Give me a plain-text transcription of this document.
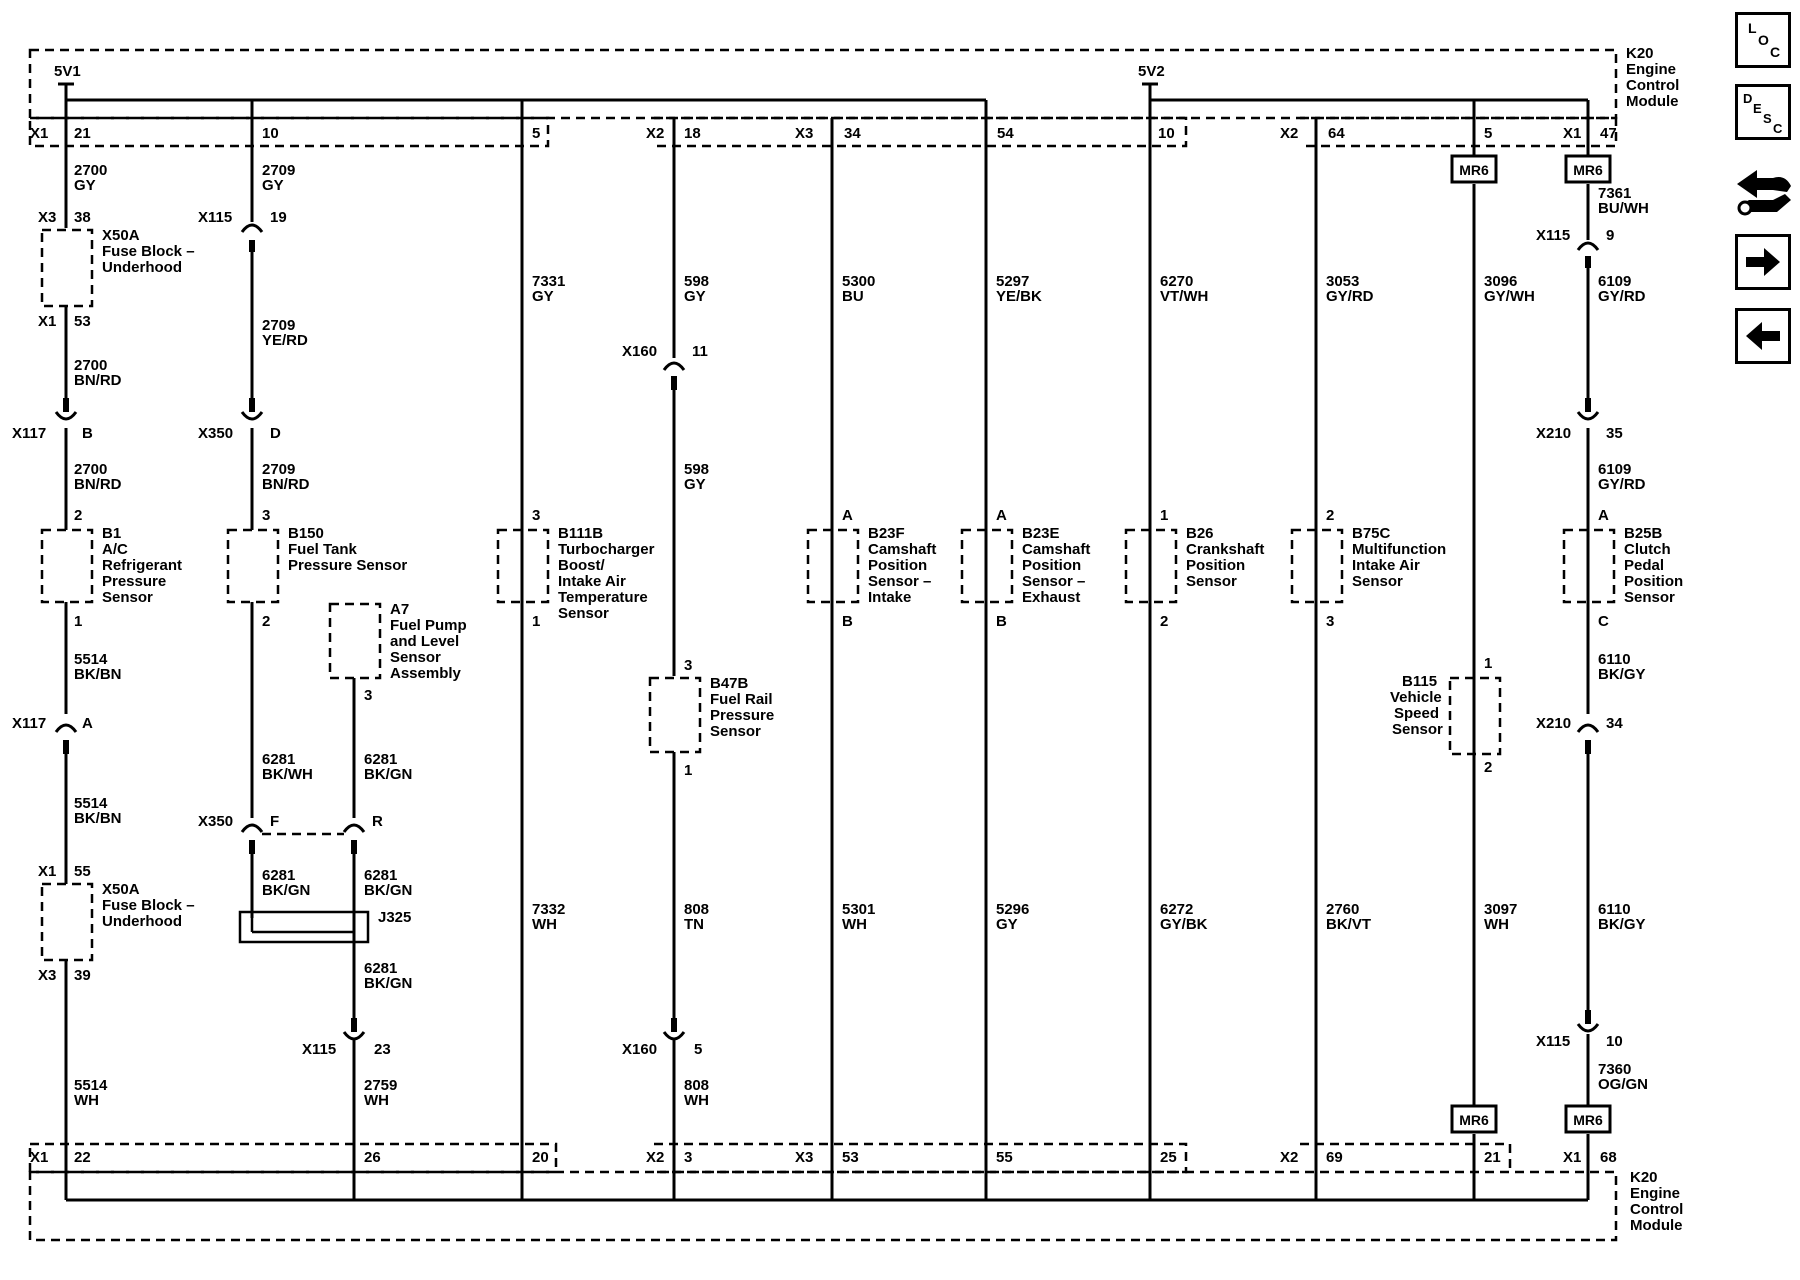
K20 Engine Control Module
K20 Engine Control Module
5V1	5V2
MR6	MR6
MR6	MR6
X1 21	10	5	X2 18	X3 34	54	10	X2 64	5	X1 47
2700
GY
X3 38
X50A
Fuse Block –
Underhood
X1 53
2700
BN/RD
X117 B
2700
BN/RD
2
B1
A/C
Refrigerant
Pressure
Sensor
1
5514
BK/BN
X117 A
5514
BK/BN
X1 55
X50A
Fuse Block –
Underhood
X3 39
5514
WH
2709
GY
X115	19
2709
YE/RD
X350 D
2709
BN/RD
3
B150
Fuel Tank
Pressure Sensor
2
6281
BK/WH
X350 F
6281
BK/GN
A7
Fuel Pump
and Level
Sensor
Assembly
3
6281
BK/GN
R
6281
BK/GN
J325
6281
BK/GN
X115	23
2759
WH
7331
GY
3
B111B
Turbocharger
Boost/
Intake Air
Temperature
Sensor
1
7332
WH
598
GY
X160 11
598
GY
3
B47B
Fuel Rail
Pressure
Sensor
1
808
TN
X160 5
808
WH
5300
BU
A
B23F
Camshaft
Position
Sensor –
Intake
B
5301
WH
5297
YE/BK
A
B23E
Camshaft
Position
Sensor –
Exhaust
B
5296
GY
6270
VT/WH
1
B26
Crankshaft
Position
Sensor
2
6272
GY/BK
3053
GY/RD
2
B75C
Multifunction
Intake Air
Sensor
3
2760
BK/VT
3096
GY/WH
1
B115
Vehicle
Speed
Sensor
2
3097
WH
7361
BU/WH
X115 9
6109
GY/RD
X210 35
6109
GY/RD
A
B25B
Clutch
Pedal
Position
Sensor
C
6110
BK/GY
X210 34
6110
BK/GY
X115 10
7360
OG/GN
X1 22	26	20	X2 3	X3 53	55	25	X2 69	21	X1 68
L
O
C
D
E
S
C
